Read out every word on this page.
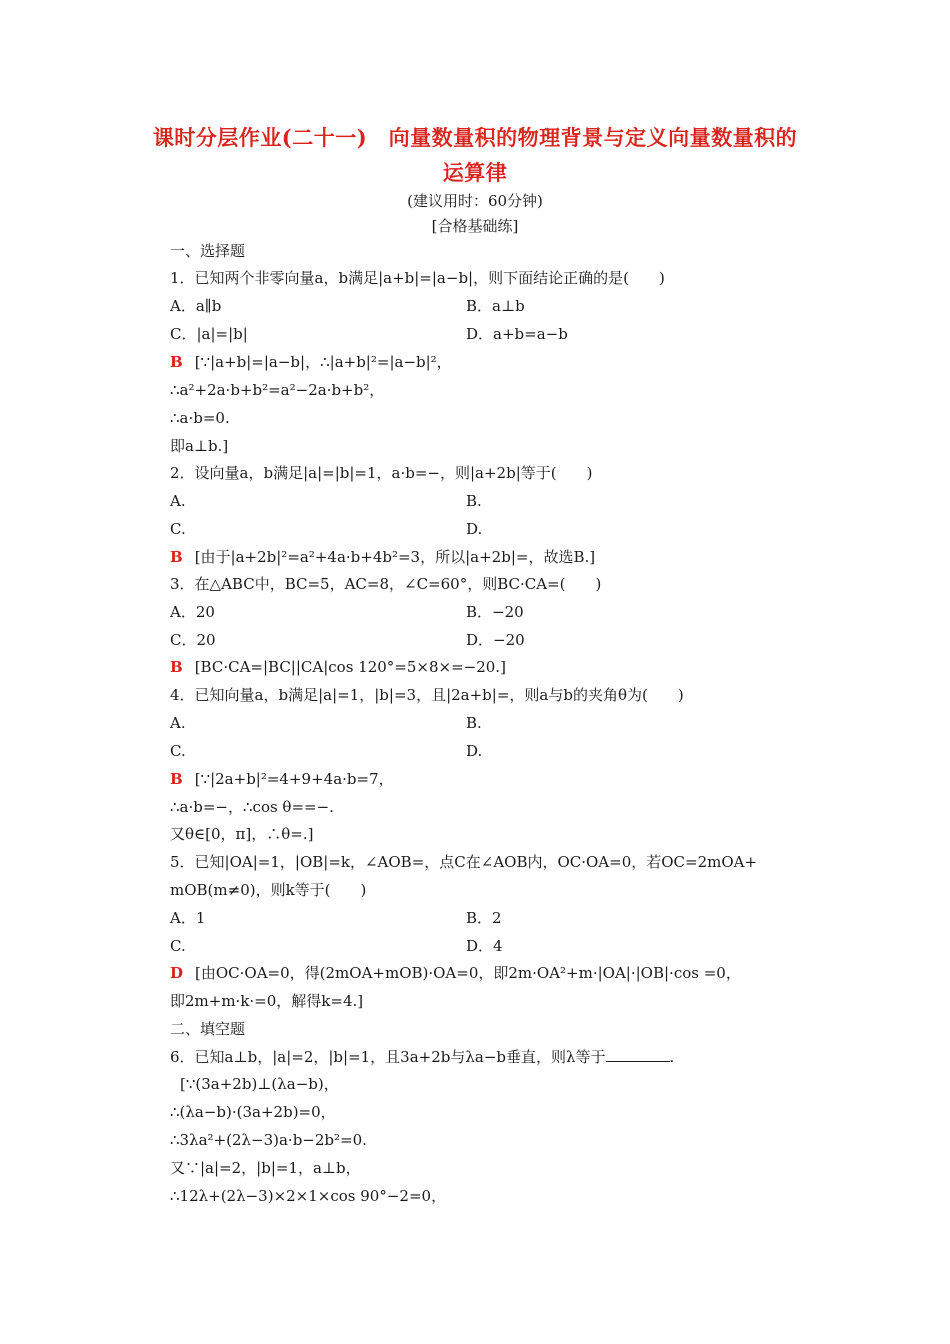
课时分层作业(二十一)　向量数量积的物理背景与定义向量数量积的
运算律
(建议用时：60分钟)
[合格基础练]
一、选择题
1．已知两个非零向量a，b满足|a+b|=|a−b|，则下面结论正确的是(　　)
A．a∥b	B．a⊥b
C．|a|=|b|	D．a+b=a−b
B [∵|a+b|=|a−b|，∴|a+b|²=|a−b|²，
∴a²+2a·b+b²=a²−2a·b+b²，
∴a·b=0.
即a⊥b.]
2．设向量a，b满足|a|=|b|=1，a·b=−，则|a+2b|等于(　　)
A.	B.
C.	D.
B [由于|a+2b|²=a²+4a·b+4b²=3，所以|a+2b|=，故选B.]
3．在△ABC中，BC=5，AC=8，∠C=60°，则BC·CA=(　　)
A．20	B．−20
C．20	D．−20
B [BC·CA=|BC||CA|cos 120°=5×8×=−20.]
4．已知向量a，b满足|a|=1，|b|=3，且|2a+b|=，则a与b的夹角θ为(　　)
A.	B.
C.	D.
B [∵|2a+b|²=4+9+4a·b=7，
∴a·b=−，∴cos θ==−.
又θ∈[0，π]，∴θ=.]
5．已知|OA|=1，|OB|=k，∠AOB=，点C在∠AOB内，OC·OA=0，若OC=2mOA+
mOB(m≠0)，则k等于(　　)
A．1	B．2
C.	D．4
D [由OC·OA=0，得(2mOA+mOB)·OA=0，即2m·OA²+m·|OA|·|OB|·cos =0，
即2m+m·k·=0，解得k=4.]
二、填空题
6．已知a⊥b，|a|=2，|b|=1，且3a+2b与λa−b垂直，则λ等于	.
[∵(3a+2b)⊥(λa−b)，
∴(λa−b)·(3a+2b)=0，
∴3λa²+(2λ−3)a·b−2b²=0.
又∵|a|=2，|b|=1，a⊥b，
∴12λ+(2λ−3)×2×1×cos 90°−2=0，
